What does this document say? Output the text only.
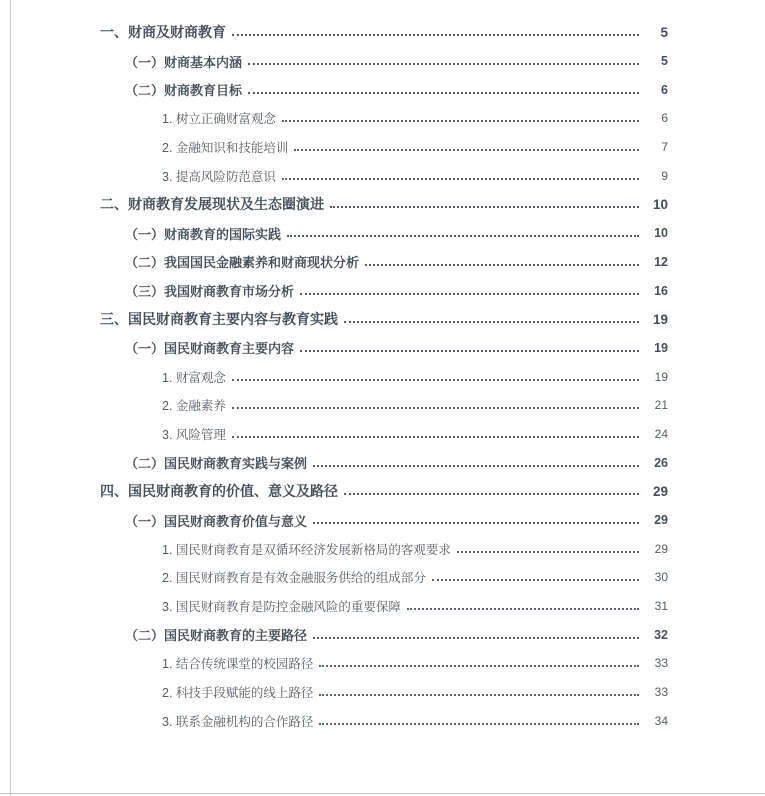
一、财商及财商教育	5
（一）财商基本内涵	5
（二）财商教育目标	6
1. 树立正确财富观念	6
2. 金融知识和技能培训	7
3. 提高风险防范意识	9
二、财商教育发展现状及生态圈演进	10
（一）财商教育的国际实践	10
（二）我国国民金融素养和财商现状分析	12
（三）我国财商教育市场分析	16
三、国民财商教育主要内容与教育实践	19
（一）国民财商教育主要内容	19
1. 财富观念	19
2. 金融素养	21
3. 风险管理	24
（二）国民财商教育实践与案例	26
四、国民财商教育的价值、意义及路径	29
（一）国民财商教育价值与意义	29
1. 国民财商教育是双循环经济发展新格局的客观要求	29
2. 国民财商教育是有效金融服务供给的组成部分	30
3. 国民财商教育是防控金融风险的重要保障	31
（二）国民财商教育的主要路径	32
1. 结合传统课堂的校园路径	33
2. 科技手段赋能的线上路径	33
3. 联系金融机构的合作路径	34
